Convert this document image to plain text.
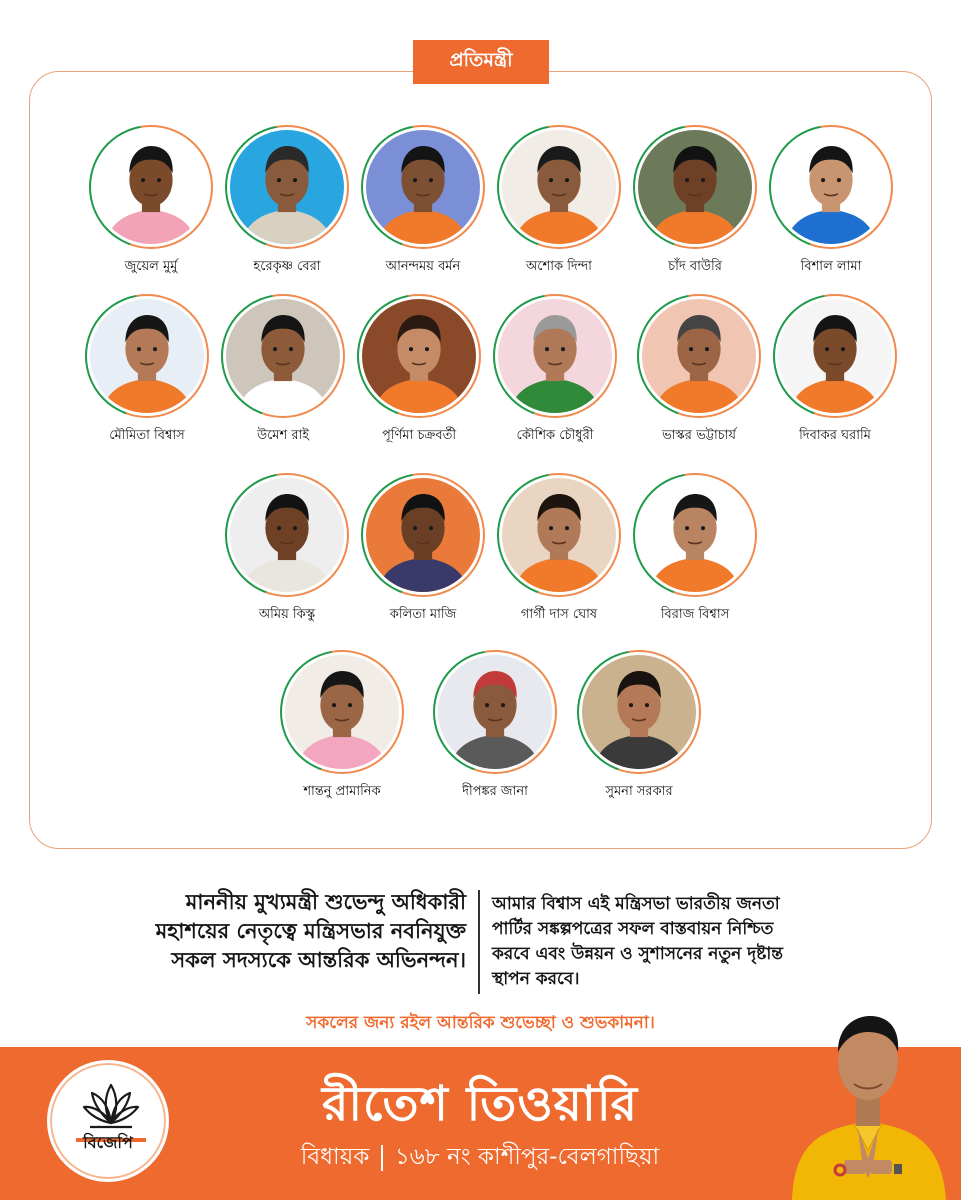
প্রতিমন্ত্রী
জুয়েল মুর্মু	হরেকৃষ্ণ বেরা	আনন্দময় বর্মন	অশোক দিন্দা	চাঁদ বাউরি	বিশাল লামা
মৌমিতা বিশ্বাস	উমেশ রাই	পূর্ণিমা চক্রবর্তী	কৌশিক চৌধুরী	ভাস্কর ভট্টাচার্য	দিবাকর ঘরামি
অমিয় কিস্কু	কলিতা মাজি	গার্গী দাস ঘোষ	বিরাজ বিশ্বাস
শান্তনু প্রামানিক	দীপঙ্কর জানা	সুমনা সরকার
মাননীয় মুখ্যমন্ত্রী শুভেন্দু অধিকারী
মহাশয়ের নেতৃত্বে মন্ত্রিসভার নবনিযুক্ত
সকল সদস্যকে আন্তরিক অভিনন্দন।
আমার বিশ্বাস এই মন্ত্রিসভা ভারতীয় জনতা
পার্টির সঙ্কল্পপত্রের সফল বাস্তবায়ন নিশ্চিত
করবে এবং উন্নয়ন ও সুশাসনের নতুন দৃষ্টান্ত
স্থাপন করবে।
সকলের জন্য রইল আন্তরিক শুভেচ্ছা ও শুভকামনা।
বিজেপি
রীতেশ তিওয়ারি
বিধায়ক ১৬৮ নং কাশীপুর-বেলগাছিয়া
